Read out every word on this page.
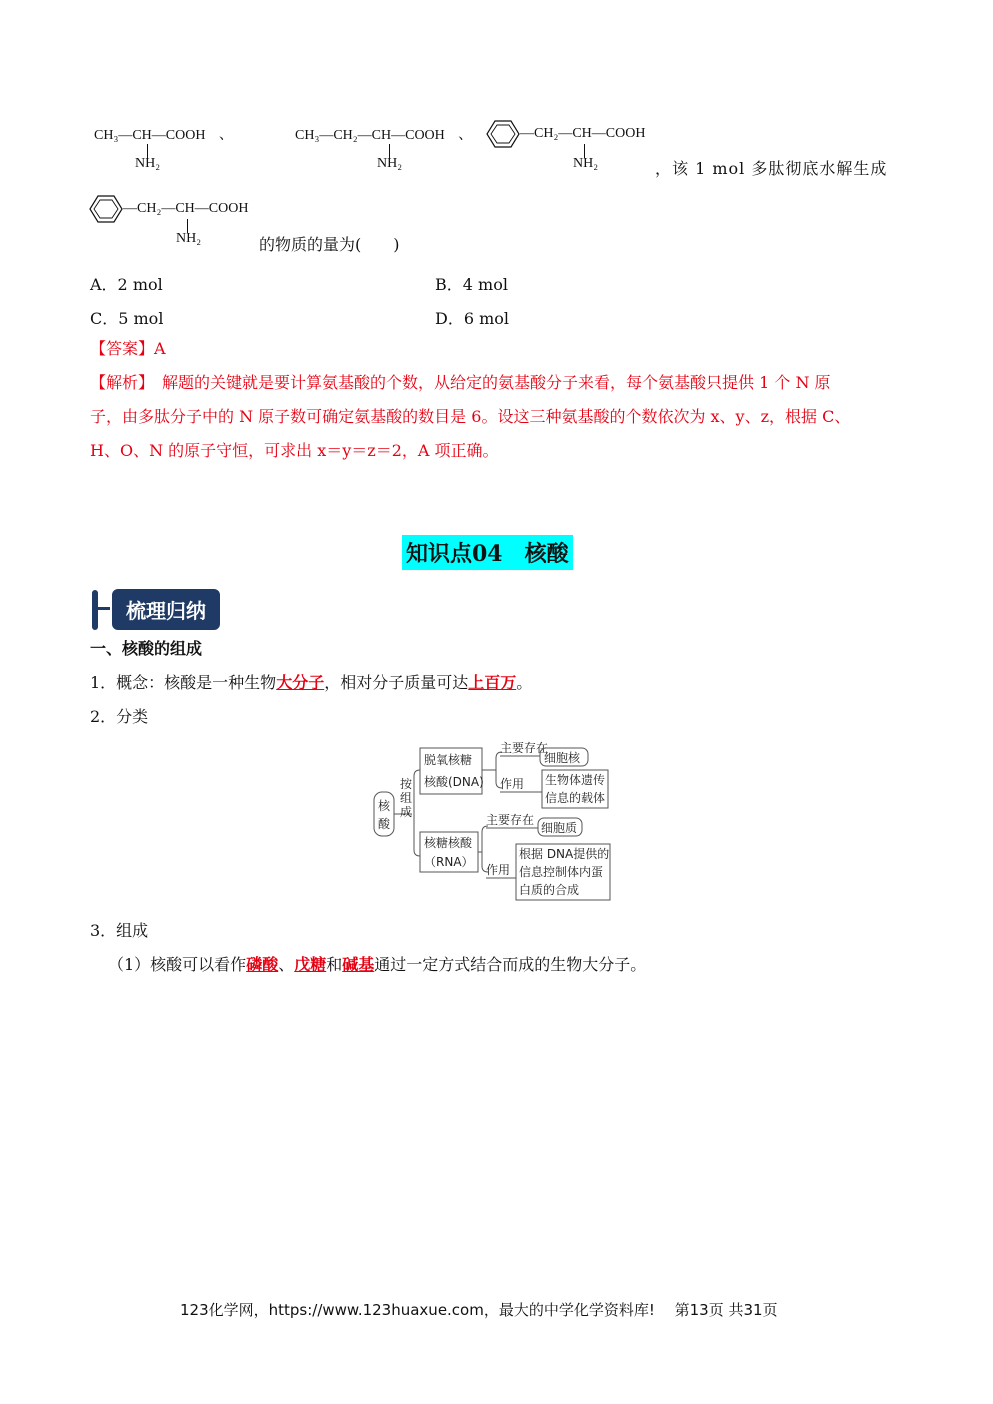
CH₃—CH—COOH 、
NH₂
CH₃—CH₂—CH—COOH 、
NH₂
—CH₂—CH—COOH
NH₂	，该 1 mol 多肽彻底水解生成
—CH₂—CH—COOH
NH₂	的物质的量为(　　)
A．2 mol	B．4 mol
C．5 mol	D．6 mol
【答案】A
【解析】　解题的关键就是要计算氨基酸的个数，从给定的氨基酸分子来看，每个氨基酸只提供 1 个 N 原
子，由多肽分子中的 N 原子数可确定氨基酸的数目是 6。设这三种氨基酸的个数依次为 x、y、z，根据 C、
H、O、N 的原子守恒，可求出 x＝y＝z＝2，A 项正确。
知识点04　核酸
梳理归纳
一、核酸的组成
1．概念：核酸是一种生物大分子，相对分子质量可达上百万。
2．分类
核
酸
按
组
成
脱氧核糖
核酸(DNA)
主要存在
细胞核
作用 生物体遗传
信息的载体
核糖核酸
（RNA）
主要存在
细胞质
作用
根据 DNA提供的
信息控制体内蛋
白质的合成
3．组成
（1）核酸可以看作磷酸、戊糖和碱基通过一定方式结合而成的生物大分子。
123化学网，https://www.123huaxue.com，最大的中学化学资料库!　 第13页 共31页
